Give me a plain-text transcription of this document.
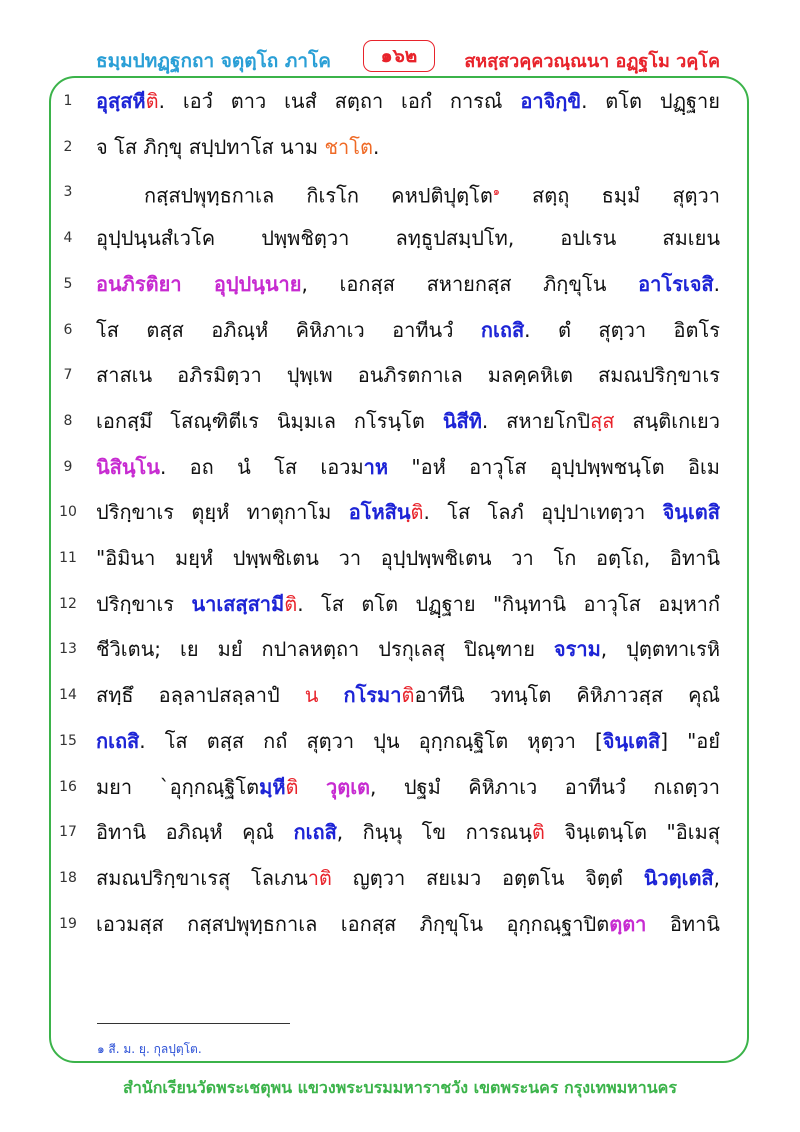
ธมฺมปทฏฺฐกถา จตุตฺโถ ภาโค	๑๖๒	สหสฺสวคฺควณฺณนา อฏฺฐโม วคฺโค
1	อุสฺสหีติ. เอวํ ตาว เนสํ สตฺถา เอกํ การณํ อาจิกฺขิ. ตโต ปฏฺฐาย
2	จ โส ภิกฺขุ สปฺปทาโส นาม ชาโต.
3	กสฺสปพุทฺธกาเล กิเรโก คหปติปุตฺโต$^๑$ สตฺถุ ธมฺมํ สุตฺวา
4	อุปฺปนฺนสํเวโค ปพฺพชิตฺวา ลทฺธูปสมฺปโท, อปเรน สมเยน
5	อนภิรติยา อุปฺปนฺนาย, เอกสฺส สหายกสฺส ภิกฺขุโน อาโรเจสิ.
6	โส ตสฺส อภิณฺหํ คิหิภาเว อาทีนวํ กเถสิ. ตํ สุตฺวา อิตโร
7	สาสเน อภิรมิตฺวา ปุพฺเพ อนภิรตกาเล มลคฺคหิเต สมณปริกฺขาเร
8	เอกสฺมึ โสณฺฑิตีเร นิมฺมเล กโรนฺโต นิสีทิ. สหายโกปิสฺส สนฺติเกเยว
9	นิสินฺโน. อถ นํ โส เอวมาห "อหํ อาวุโส อุปฺปพฺพชนฺโต อิเม
10 ปริกฺขาเร ตุยฺหํ ทาตุกาโม อโหสินฺติ. โส โลภํ อุปฺปาเทตฺวา จินฺเตสิ
11 "อิมินา มยฺหํ ปพฺพชิเตน วา อุปฺปพฺพชิเตน วา โก อตฺโถ, อิทานิ
12 ปริกฺขาเร นาเสสฺสามีติ. โส ตโต ปฏฺฐาย "กินฺทานิ อาวุโส อมฺหากํ
13 ชีวิเตน; เย มยํ กปาลหตฺถา ปรกุเลสุ ปิณฺฑาย จราม, ปุตฺตทาเรหิ
14 สทฺธึ อลฺลาปสลฺลาปํ น กโรมาติอาทีนิ วทนฺโต คิหิภาวสฺส คุณํ
15 กเถสิ. โส ตสฺส กถํ สุตฺวา ปุน อุกฺกณฺฐิโต หุตฺวา [จินฺเตสิ] "อยํ
16 มยา `อุกฺกณฺฐิโตมฺหีติ วุตฺเต, ปฐมํ คิหิภาเว อาทีนวํ กเถตฺวา
17 อิทานิ อภิณฺหํ คุณํ กเถสิ, กินฺนุ โข การณนฺติ จินฺเตนฺโต "อิเมสุ
18 สมณปริกฺขาเรสุ โลเภนาติ ญตฺวา สยเมว อตฺตโน จิตฺตํ นิวตฺเตสิ,
19 เอวมสฺส กสฺสปพุทฺธกาเล เอกสฺส ภิกฺขุโน อุกฺกณฺฐาปิตตฺตา อิทานิ
๑ สี. ม. ยุ. กุลปุตฺโต.
สำนักเรียนวัดพระเชตุพน แขวงพระบรมมหาราชวัง เขตพระนคร กรุงเทพมหานคร
